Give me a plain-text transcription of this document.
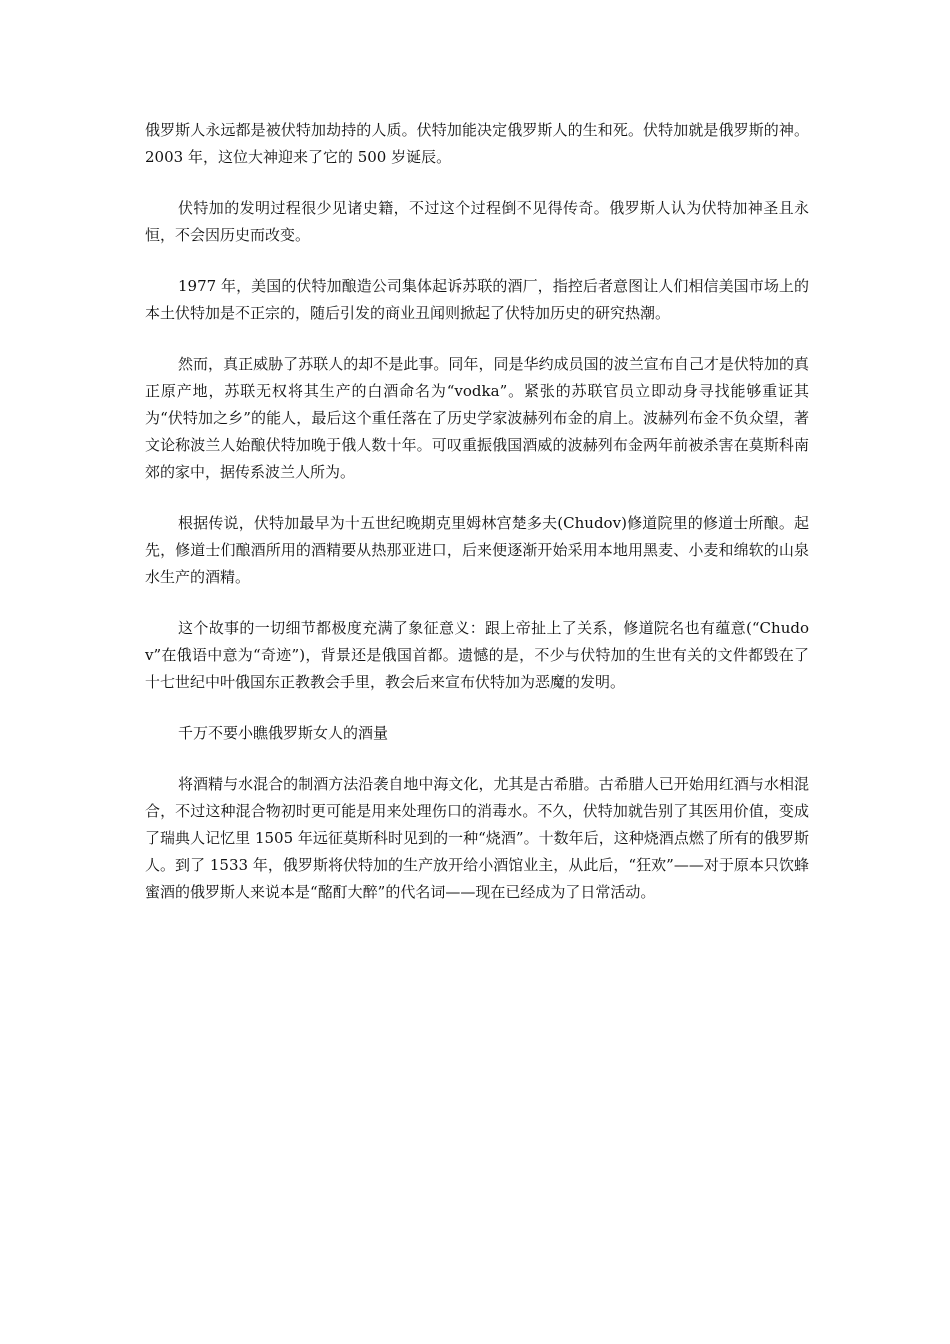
俄罗斯人永远都是被伏特加劫持的人质。伏特加能决定俄罗斯人的生和死。伏特加就是俄罗斯的神。2003 年，这位大神迎来了它的 500 岁诞辰。

伏特加的发明过程很少见诸史籍，不过这个过程倒不见得传奇。俄罗斯人认为伏特加神圣且永恒，不会因历史而改变。

1977 年，美国的伏特加酿造公司集体起诉苏联的酒厂，指控后者意图让人们相信美国市场上的本土伏特加是不正宗的，随后引发的商业丑闻则掀起了伏特加历史的研究热潮。

然而，真正威胁了苏联人的却不是此事。同年，同是华约成员国的波兰宣布自己才是伏特加的真正原产地，苏联无权将其生产的白酒命名为“vodka”。紧张的苏联官员立即动身寻找能够重证其为“伏特加之乡”的能人，最后这个重任落在了历史学家波赫列布金的肩上。波赫列布金不负众望，著文论称波兰人始酿伏特加晚于俄人数十年。可叹重振俄国酒威的波赫列布金两年前被杀害在莫斯科南郊的家中，据传系波兰人所为。

根据传说，伏特加最早为十五世纪晚期克里姆林宫楚多夫(Chudov)修道院里的修道士所酿。起先，修道士们酿酒所用的酒精要从热那亚进口，后来便逐渐开始采用本地用黑麦、小麦和绵软的山泉水生产的酒精。

这个故事的一切细节都极度充满了象征意义：跟上帝扯上了关系，修道院名也有蕴意(“Chudov”在俄语中意为“奇迹”)，背景还是俄国首都。遗憾的是，不少与伏特加的生世有关的文件都毁在了十七世纪中叶俄国东正教教会手里，教会后来宣布伏特加为恶魔的发明。

千万不要小瞧俄罗斯女人的酒量

将酒精与水混合的制酒方法沿袭自地中海文化，尤其是古希腊。古希腊人已开始用红酒与水相混合，不过这种混合物初时更可能是用来处理伤口的消毒水。不久，伏特加就告别了其医用价值，变成了瑞典人记忆里 1505 年远征莫斯科时见到的一种“烧酒”。十数年后，这种烧酒点燃了所有的俄罗斯人。到了 1533 年，俄罗斯将伏特加的生产放开给小酒馆业主，从此后，“狂欢”——对于原本只饮蜂蜜酒的俄罗斯人来说本是“酩酊大醉”的代名词——现在已经成为了日常活动。
